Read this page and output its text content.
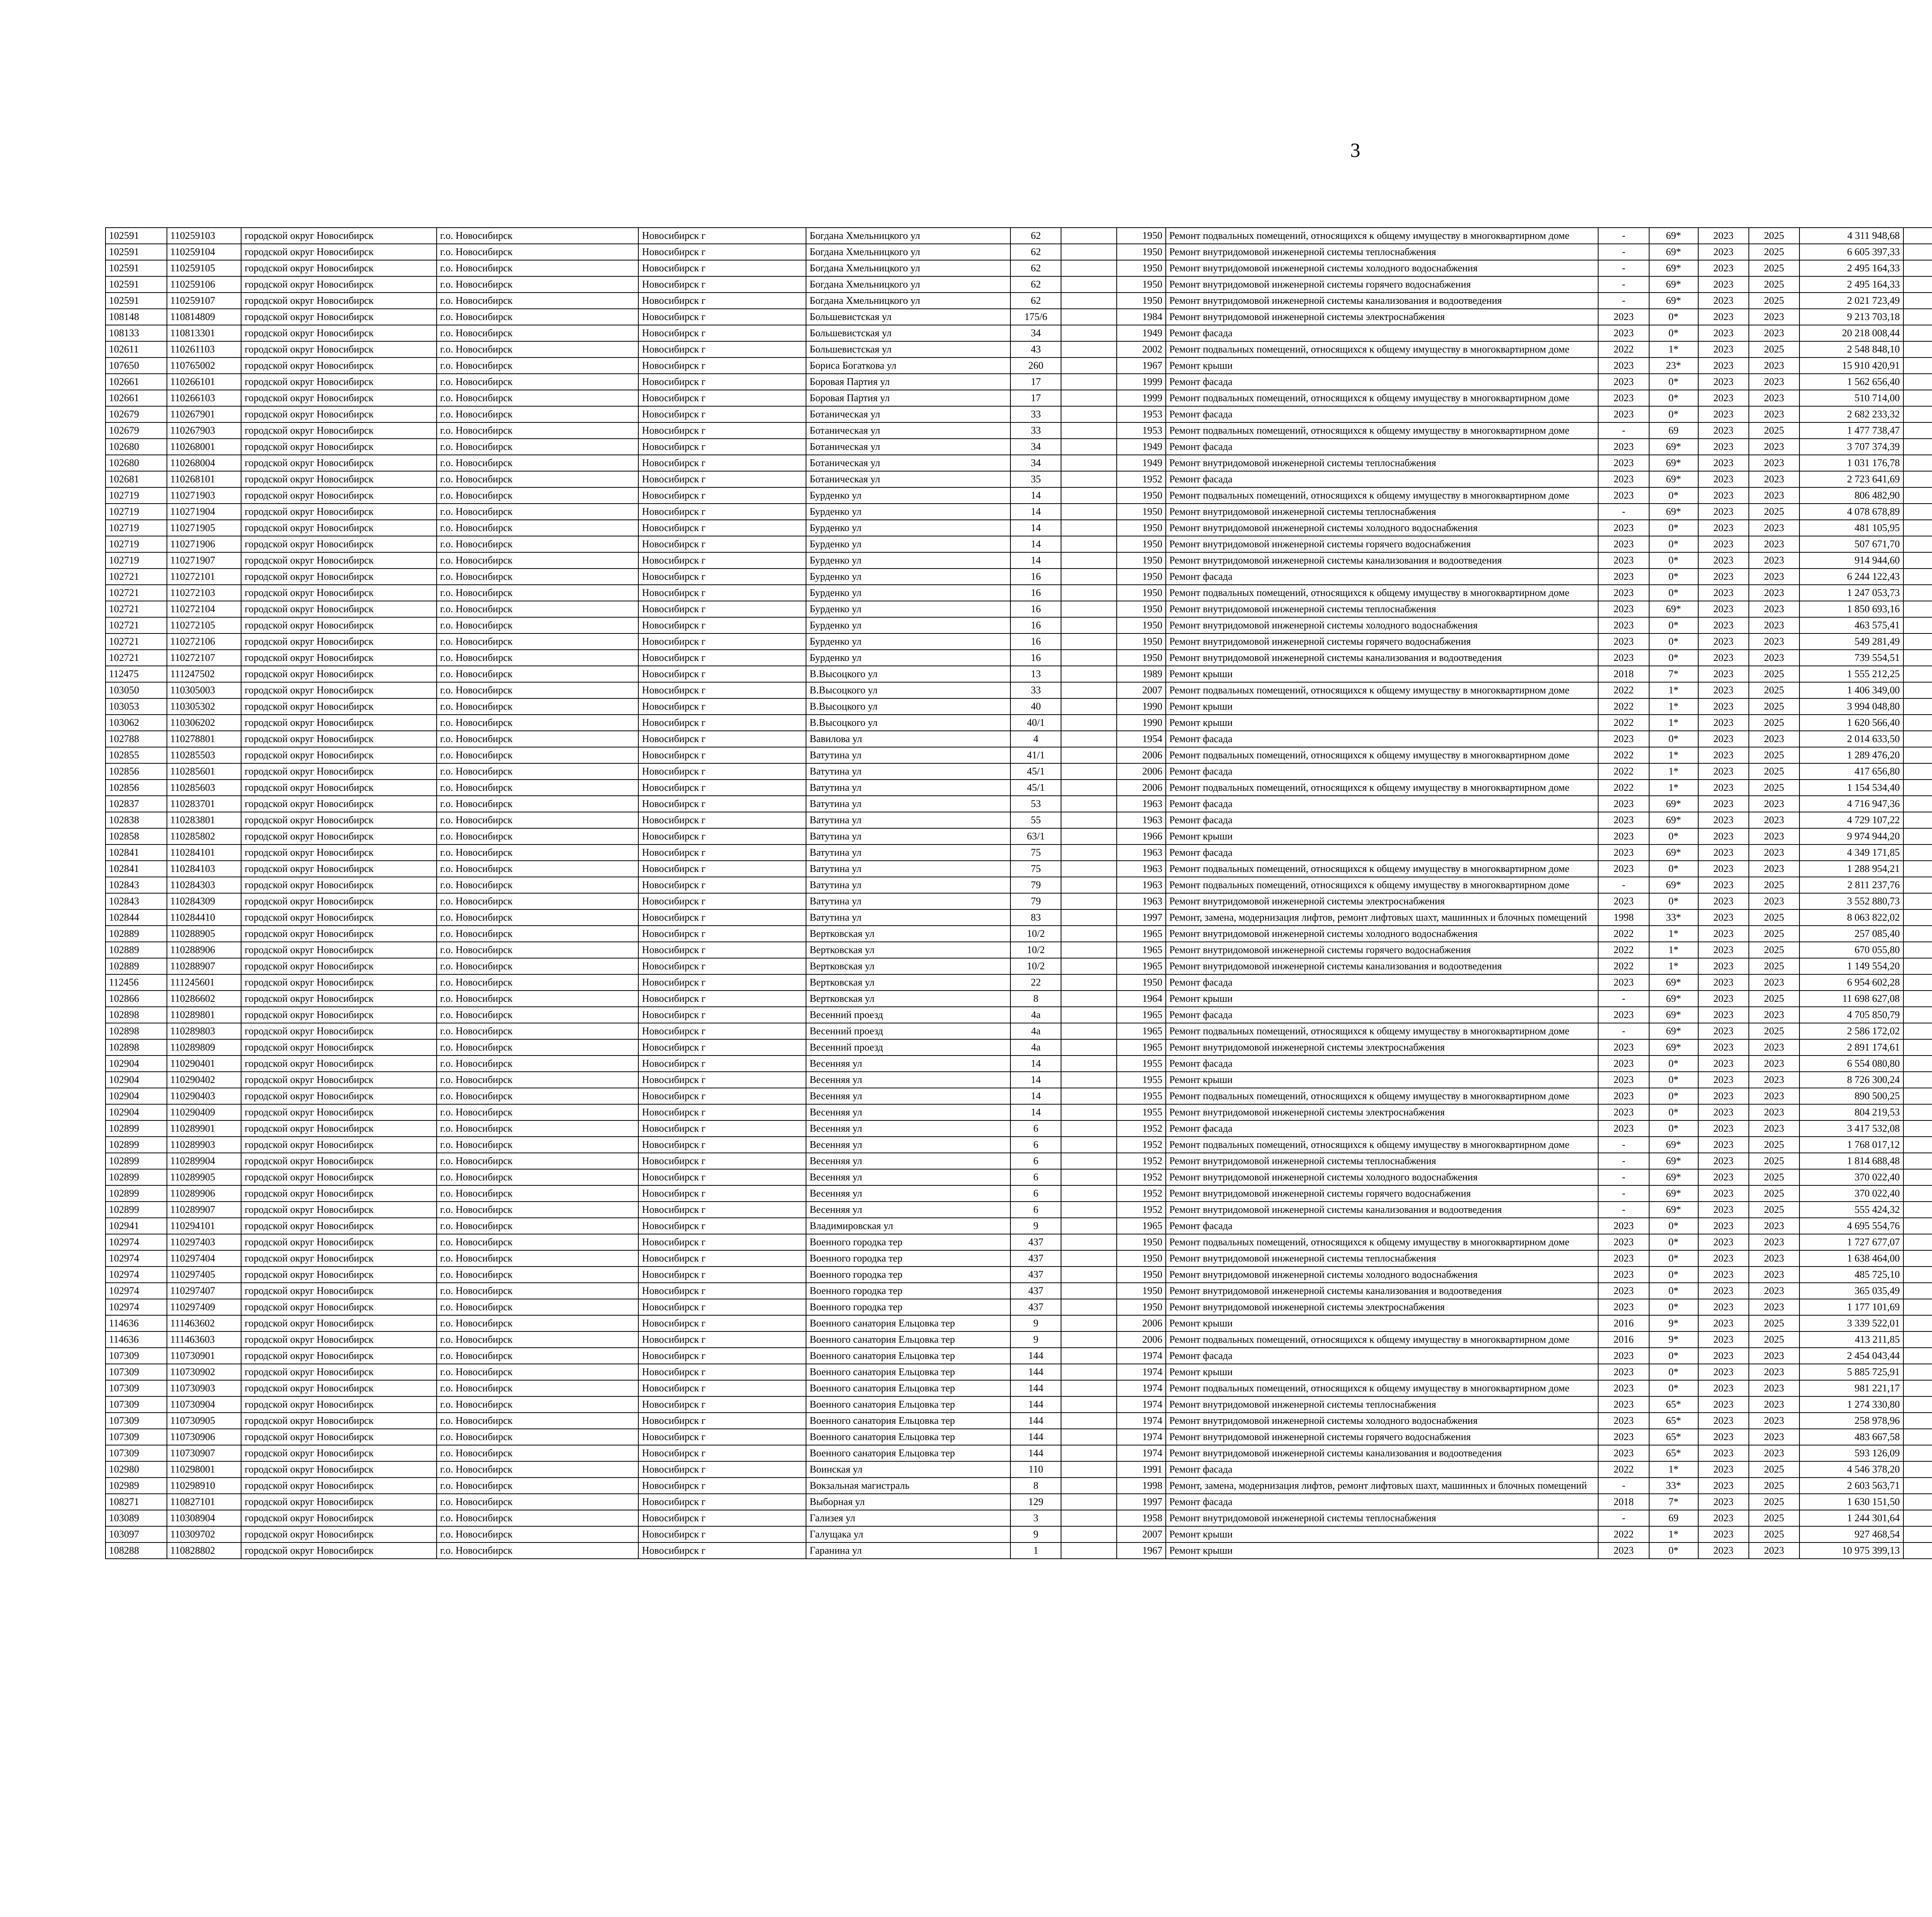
3
102591	110259103	городской округ Новосибирск	г.о. Новосибирск	Новосибирск г	Богдана Хмельницкого ул	62		1950	Ремонт подвальных помещений, относящихся к общему имуществу в многоквартирном доме	-	69*	2023	2025	4 311 948,68							
102591	110259104	городской округ Новосибирск	г.о. Новосибирск	Новосибирск г	Богдана Хмельницкого ул	62		1950	Ремонт внутридомовой инженерной системы теплоснабжения	-	69*	2023	2025	6 605 397,33							
102591	110259105	городской округ Новосибирск	г.о. Новосибирск	Новосибирск г	Богдана Хмельницкого ул	62		1950	Ремонт внутридомовой инженерной системы холодного водоснабжения	-	69*	2023	2025	2 495 164,33							
102591	110259106	городской округ Новосибирск	г.о. Новосибирск	Новосибирск г	Богдана Хмельницкого ул	62		1950	Ремонт внутридомовой инженерной системы горячего водоснабжения	-	69*	2023	2025	2 495 164,33							
102591	110259107	городской округ Новосибирск	г.о. Новосибирск	Новосибирск г	Богдана Хмельницкого ул	62		1950	Ремонт внутридомовой инженерной системы канализования и водоотведения	-	69*	2023	2025	2 021 723,49							
108148	110814809	городской округ Новосибирск	г.о. Новосибирск	Новосибирск г	Большевистская ул	175/6		1984	Ремонт внутридомовой инженерной системы электроснабжения	2023	0*	2023	2023	9 213 703,18							
108133	110813301	городской округ Новосибирск	г.о. Новосибирск	Новосибирск г	Большевистская ул	34		1949	Ремонт фасада	2023	0*	2023	2023	20 218 008,44							
102611	110261103	городской округ Новосибирск	г.о. Новосибирск	Новосибирск г	Большевистская ул	43		2002	Ремонт подвальных помещений, относящихся к общему имуществу в многоквартирном доме	2022	1*	2023	2025	2 548 848,10							
107650	110765002	городской округ Новосибирск	г.о. Новосибирск	Новосибирск г	Бориса Богаткова ул	260		1967	Ремонт крыши	2023	23*	2023	2023	15 910 420,91							
102661	110266101	городской округ Новосибирск	г.о. Новосибирск	Новосибирск г	Боровая Партия ул	17		1999	Ремонт фасада	2023	0*	2023	2023	1 562 656,40							
102661	110266103	городской округ Новосибирск	г.о. Новосибирск	Новосибирск г	Боровая Партия ул	17		1999	Ремонт подвальных помещений, относящихся к общему имуществу в многоквартирном доме	2023	0*	2023	2023	510 714,00							
102679	110267901	городской округ Новосибирск	г.о. Новосибирск	Новосибирск г	Ботаническая ул	33		1953	Ремонт фасада	2023	0*	2023	2023	2 682 233,32							
102679	110267903	городской округ Новосибирск	г.о. Новосибирск	Новосибирск г	Ботаническая ул	33		1953	Ремонт подвальных помещений, относящихся к общему имуществу в многоквартирном доме	-	69	2023	2025	1 477 738,47							
102680	110268001	городской округ Новосибирск	г.о. Новосибирск	Новосибирск г	Ботаническая ул	34		1949	Ремонт фасада	2023	69*	2023	2023	3 707 374,39							
102680	110268004	городской округ Новосибирск	г.о. Новосибирск	Новосибирск г	Ботаническая ул	34		1949	Ремонт внутридомовой инженерной системы теплоснабжения	2023	69*	2023	2023	1 031 176,78							
102681	110268101	городской округ Новосибирск	г.о. Новосибирск	Новосибирск г	Ботаническая ул	35		1952	Ремонт фасада	2023	69*	2023	2023	2 723 641,69							
102719	110271903	городской округ Новосибирск	г.о. Новосибирск	Новосибирск г	Бурденко ул	14		1950	Ремонт подвальных помещений, относящихся к общему имуществу в многоквартирном доме	2023	0*	2023	2023	806 482,90							
102719	110271904	городской округ Новосибирск	г.о. Новосибирск	Новосибирск г	Бурденко ул	14		1950	Ремонт внутридомовой инженерной системы теплоснабжения	-	69*	2023	2025	4 078 678,89							
102719	110271905	городской округ Новосибирск	г.о. Новосибирск	Новосибирск г	Бурденко ул	14		1950	Ремонт внутридомовой инженерной системы холодного водоснабжения	2023	0*	2023	2023	481 105,95							
102719	110271906	городской округ Новосибирск	г.о. Новосибирск	Новосибирск г	Бурденко ул	14		1950	Ремонт внутридомовой инженерной системы горячего водоснабжения	2023	0*	2023	2023	507 671,70							
102719	110271907	городской округ Новосибирск	г.о. Новосибирск	Новосибирск г	Бурденко ул	14		1950	Ремонт внутридомовой инженерной системы канализования и водоотведения	2023	0*	2023	2023	914 944,60							
102721	110272101	городской округ Новосибирск	г.о. Новосибирск	Новосибирск г	Бурденко ул	16		1950	Ремонт фасада	2023	0*	2023	2023	6 244 122,43							
102721	110272103	городской округ Новосибирск	г.о. Новосибирск	Новосибирск г	Бурденко ул	16		1950	Ремонт подвальных помещений, относящихся к общему имуществу в многоквартирном доме	2023	0*	2023	2023	1 247 053,73							
102721	110272104	городской округ Новосибирск	г.о. Новосибирск	Новосибирск г	Бурденко ул	16		1950	Ремонт внутридомовой инженерной системы теплоснабжения	2023	69*	2023	2023	1 850 693,16							
102721	110272105	городской округ Новосибирск	г.о. Новосибирск	Новосибирск г	Бурденко ул	16		1950	Ремонт внутридомовой инженерной системы холодного водоснабжения	2023	0*	2023	2023	463 575,41							
102721	110272106	городской округ Новосибирск	г.о. Новосибирск	Новосибирск г	Бурденко ул	16		1950	Ремонт внутридомовой инженерной системы горячего водоснабжения	2023	0*	2023	2023	549 281,49							
102721	110272107	городской округ Новосибирск	г.о. Новосибирск	Новосибирск г	Бурденко ул	16		1950	Ремонт внутридомовой инженерной системы канализования и водоотведения	2023	0*	2023	2023	739 554,51							
112475	111247502	городской округ Новосибирск	г.о. Новосибирск	Новосибирск г	В.Высоцкого ул	13		1989	Ремонт крыши	2018	7*	2023	2025	1 555 212,25							
103050	110305003	городской округ Новосибирск	г.о. Новосибирск	Новосибирск г	В.Высоцкого ул	33		2007	Ремонт подвальных помещений, относящихся к общему имуществу в многоквартирном доме	2022	1*	2023	2025	1 406 349,00							
103053	110305302	городской округ Новосибирск	г.о. Новосибирск	Новосибирск г	В.Высоцкого ул	40		1990	Ремонт крыши	2022	1*	2023	2025	3 994 048,80							
103062	110306202	городской округ Новосибирск	г.о. Новосибирск	Новосибирск г	В.Высоцкого ул	40/1		1990	Ремонт крыши	2022	1*	2023	2025	1 620 566,40							
102788	110278801	городской округ Новосибирск	г.о. Новосибирск	Новосибирск г	Вавилова ул	4		1954	Ремонт фасада	2023	0*	2023	2023	2 014 633,50							
102855	110285503	городской округ Новосибирск	г.о. Новосибирск	Новосибирск г	Ватутина ул	41/1		2006	Ремонт подвальных помещений, относящихся к общему имуществу в многоквартирном доме	2022	1*	2023	2025	1 289 476,20							
102856	110285601	городской округ Новосибирск	г.о. Новосибирск	Новосибирск г	Ватутина ул	45/1		2006	Ремонт фасада	2022	1*	2023	2025	417 656,80							
102856	110285603	городской округ Новосибирск	г.о. Новосибирск	Новосибирск г	Ватутина ул	45/1		2006	Ремонт подвальных помещений, относящихся к общему имуществу в многоквартирном доме	2022	1*	2023	2025	1 154 534,40							
102837	110283701	городской округ Новосибирск	г.о. Новосибирск	Новосибирск г	Ватутина ул	53		1963	Ремонт фасада	2023	69*	2023	2023	4 716 947,36							
102838	110283801	городской округ Новосибирск	г.о. Новосибирск	Новосибирск г	Ватутина ул	55		1963	Ремонт фасада	2023	69*	2023	2023	4 729 107,22							
102858	110285802	городской округ Новосибирск	г.о. Новосибирск	Новосибирск г	Ватутина ул	63/1		1966	Ремонт крыши	2023	0*	2023	2023	9 974 944,20							
102841	110284101	городской округ Новосибирск	г.о. Новосибирск	Новосибирск г	Ватутина ул	75		1963	Ремонт фасада	2023	69*	2023	2023	4 349 171,85							
102841	110284103	городской округ Новосибирск	г.о. Новосибирск	Новосибирск г	Ватутина ул	75		1963	Ремонт подвальных помещений, относящихся к общему имуществу в многоквартирном доме	2023	0*	2023	2023	1 288 954,21							
102843	110284303	городской округ Новосибирск	г.о. Новосибирск	Новосибирск г	Ватутина ул	79		1963	Ремонт подвальных помещений, относящихся к общему имуществу в многоквартирном доме	-	69*	2023	2025	2 811 237,76							
102843	110284309	городской округ Новосибирск	г.о. Новосибирск	Новосибирск г	Ватутина ул	79		1963	Ремонт внутридомовой инженерной системы электроснабжения	2023	0*	2023	2023	3 552 880,73							
102844	110284410	городской округ Новосибирск	г.о. Новосибирск	Новосибирск г	Ватутина ул	83		1997	Ремонт, замена, модернизация лифтов, ремонт лифтовых шахт, машинных и блочных помещений	1998	33*	2023	2025	8 063 822,02							
102889	110288905	городской округ Новосибирск	г.о. Новосибирск	Новосибирск г	Вертковская ул	10/2		1965	Ремонт внутридомовой инженерной системы холодного водоснабжения	2022	1*	2023	2025	257 085,40							
102889	110288906	городской округ Новосибирск	г.о. Новосибирск	Новосибирск г	Вертковская ул	10/2		1965	Ремонт внутридомовой инженерной системы горячего водоснабжения	2022	1*	2023	2025	670 055,80							
102889	110288907	городской округ Новосибирск	г.о. Новосибирск	Новосибирск г	Вертковская ул	10/2		1965	Ремонт внутридомовой инженерной системы канализования и водоотведения	2022	1*	2023	2025	1 149 554,20							
112456	111245601	городской округ Новосибирск	г.о. Новосибирск	Новосибирск г	Вертковская ул	22		1950	Ремонт фасада	2023	69*	2023	2023	6 954 602,28							
102866	110286602	городской округ Новосибирск	г.о. Новосибирск	Новосибирск г	Вертковская ул	8		1964	Ремонт крыши	-	69*	2023	2025	11 698 627,08							
102898	110289801	городской округ Новосибирск	г.о. Новосибирск	Новосибирск г	Весенний проезд	4а		1965	Ремонт фасада	2023	69*	2023	2023	4 705 850,79							
102898	110289803	городской округ Новосибирск	г.о. Новосибирск	Новосибирск г	Весенний проезд	4а		1965	Ремонт подвальных помещений, относящихся к общему имуществу в многоквартирном доме	-	69*	2023	2025	2 586 172,02							
102898	110289809	городской округ Новосибирск	г.о. Новосибирск	Новосибирск г	Весенний проезд	4а		1965	Ремонт внутридомовой инженерной системы электроснабжения	2023	69*	2023	2023	2 891 174,61							
102904	110290401	городской округ Новосибирск	г.о. Новосибирск	Новосибирск г	Весенняя ул	14		1955	Ремонт фасада	2023	0*	2023	2023	6 554 080,80							
102904	110290402	городской округ Новосибирск	г.о. Новосибирск	Новосибирск г	Весенняя ул	14		1955	Ремонт крыши	2023	0*	2023	2023	8 726 300,24							
102904	110290403	городской округ Новосибирск	г.о. Новосибирск	Новосибирск г	Весенняя ул	14		1955	Ремонт подвальных помещений, относящихся к общему имуществу в многоквартирном доме	2023	0*	2023	2023	890 500,25							
102904	110290409	городской округ Новосибирск	г.о. Новосибирск	Новосибирск г	Весенняя ул	14		1955	Ремонт внутридомовой инженерной системы электроснабжения	2023	0*	2023	2023	804 219,53							
102899	110289901	городской округ Новосибирск	г.о. Новосибирск	Новосибирск г	Весенняя ул	6		1952	Ремонт фасада	2023	0*	2023	2023	3 417 532,08							
102899	110289903	городской округ Новосибирск	г.о. Новосибирск	Новосибирск г	Весенняя ул	6		1952	Ремонт подвальных помещений, относящихся к общему имуществу в многоквартирном доме	-	69*	2023	2025	1 768 017,12							
102899	110289904	городской округ Новосибирск	г.о. Новосибирск	Новосибирск г	Весенняя ул	6		1952	Ремонт внутридомовой инженерной системы теплоснабжения	-	69*	2023	2025	1 814 688,48							
102899	110289905	городской округ Новосибирск	г.о. Новосибирск	Новосибирск г	Весенняя ул	6		1952	Ремонт внутридомовой инженерной системы холодного водоснабжения	-	69*	2023	2025	370 022,40							
102899	110289906	городской округ Новосибирск	г.о. Новосибирск	Новосибирск г	Весенняя ул	6		1952	Ремонт внутридомовой инженерной системы горячего водоснабжения	-	69*	2023	2025	370 022,40							
102899	110289907	городской округ Новосибирск	г.о. Новосибирск	Новосибирск г	Весенняя ул	6		1952	Ремонт внутридомовой инженерной системы канализования и водоотведения	-	69*	2023	2025	555 424,32							
102941	110294101	городской округ Новосибирск	г.о. Новосибирск	Новосибирск г	Владимировская ул	9		1965	Ремонт фасада	2023	0*	2023	2023	4 695 554,76							
102974	110297403	городской округ Новосибирск	г.о. Новосибирск	Новосибирск г	Военного городка тер	437		1950	Ремонт подвальных помещений, относящихся к общему имуществу в многоквартирном доме	2023	0*	2023	2023	1 727 677,07							
102974	110297404	городской округ Новосибирск	г.о. Новосибирск	Новосибирск г	Военного городка тер	437		1950	Ремонт внутридомовой инженерной системы теплоснабжения	2023	0*	2023	2023	1 638 464,00							
102974	110297405	городской округ Новосибирск	г.о. Новосибирск	Новосибирск г	Военного городка тер	437		1950	Ремонт внутридомовой инженерной системы холодного водоснабжения	2023	0*	2023	2023	485 725,10							
102974	110297407	городской округ Новосибирск	г.о. Новосибирск	Новосибирск г	Военного городка тер	437		1950	Ремонт внутридомовой инженерной системы канализования и водоотведения	2023	0*	2023	2023	365 035,49							
102974	110297409	городской округ Новосибирск	г.о. Новосибирск	Новосибирск г	Военного городка тер	437		1950	Ремонт внутридомовой инженерной системы электроснабжения	2023	0*	2023	2023	1 177 101,69							
114636	111463602	городской округ Новосибирск	г.о. Новосибирск	Новосибирск г	Военного санатория Ельцовка тер	9		2006	Ремонт крыши	2016	9*	2023	2025	3 339 522,01							
114636	111463603	городской округ Новосибирск	г.о. Новосибирск	Новосибирск г	Военного санатория Ельцовка тер	9		2006	Ремонт подвальных помещений, относящихся к общему имуществу в многоквартирном доме	2016	9*	2023	2025	413 211,85							
107309	110730901	городской округ Новосибирск	г.о. Новосибирск	Новосибирск г	Военного санатория Ельцовка тер	144		1974	Ремонт фасада	2023	0*	2023	2023	2 454 043,44							
107309	110730902	городской округ Новосибирск	г.о. Новосибирск	Новосибирск г	Военного санатория Ельцовка тер	144		1974	Ремонт крыши	2023	0*	2023	2023	5 885 725,91							
107309	110730903	городской округ Новосибирск	г.о. Новосибирск	Новосибирск г	Военного санатория Ельцовка тер	144		1974	Ремонт подвальных помещений, относящихся к общему имуществу в многоквартирном доме	2023	0*	2023	2023	981 221,17							
107309	110730904	городской округ Новосибирск	г.о. Новосибирск	Новосибирск г	Военного санатория Ельцовка тер	144		1974	Ремонт внутридомовой инженерной системы теплоснабжения	2023	65*	2023	2023	1 274 330,80							
107309	110730905	городской округ Новосибирск	г.о. Новосибирск	Новосибирск г	Военного санатория Ельцовка тер	144		1974	Ремонт внутридомовой инженерной системы холодного водоснабжения	2023	65*	2023	2023	258 978,96							
107309	110730906	городской округ Новосибирск	г.о. Новосибирск	Новосибирск г	Военного санатория Ельцовка тер	144		1974	Ремонт внутридомовой инженерной системы горячего водоснабжения	2023	65*	2023	2023	483 667,58							
107309	110730907	городской округ Новосибирск	г.о. Новосибирск	Новосибирск г	Военного санатория Ельцовка тер	144		1974	Ремонт внутридомовой инженерной системы канализования и водоотведения	2023	65*	2023	2023	593 126,09							
102980	110298001	городской округ Новосибирск	г.о. Новосибирск	Новосибирск г	Воинская ул	110		1991	Ремонт фасада	2022	1*	2023	2025	4 546 378,20							
102989	110298910	городской округ Новосибирск	г.о. Новосибирск	Новосибирск г	Вокзальная магистраль	8		1998	Ремонт, замена, модернизация лифтов, ремонт лифтовых шахт, машинных и блочных помещений	-	33*	2023	2025	2 603 563,71							
108271	110827101	городской округ Новосибирск	г.о. Новосибирск	Новосибирск г	Выборная ул	129		1997	Ремонт фасада	2018	7*	2023	2025	1 630 151,50							
103089	110308904	городской округ Новосибирск	г.о. Новосибирск	Новосибирск г	Гализея ул	3		1958	Ремонт внутридомовой инженерной системы теплоснабжения	-	69	2023	2025	1 244 301,64							
103097	110309702	городской округ Новосибирск	г.о. Новосибирск	Новосибирск г	Галущака ул	9		2007	Ремонт крыши	2022	1*	2023	2025	927 468,54							
108288	110828802	городской округ Новосибирск	г.о. Новосибирск	Новосибирск г	Гаранина ул	1		1967	Ремонт крыши	2023	0*	2023	2023	10 975 399,13							
